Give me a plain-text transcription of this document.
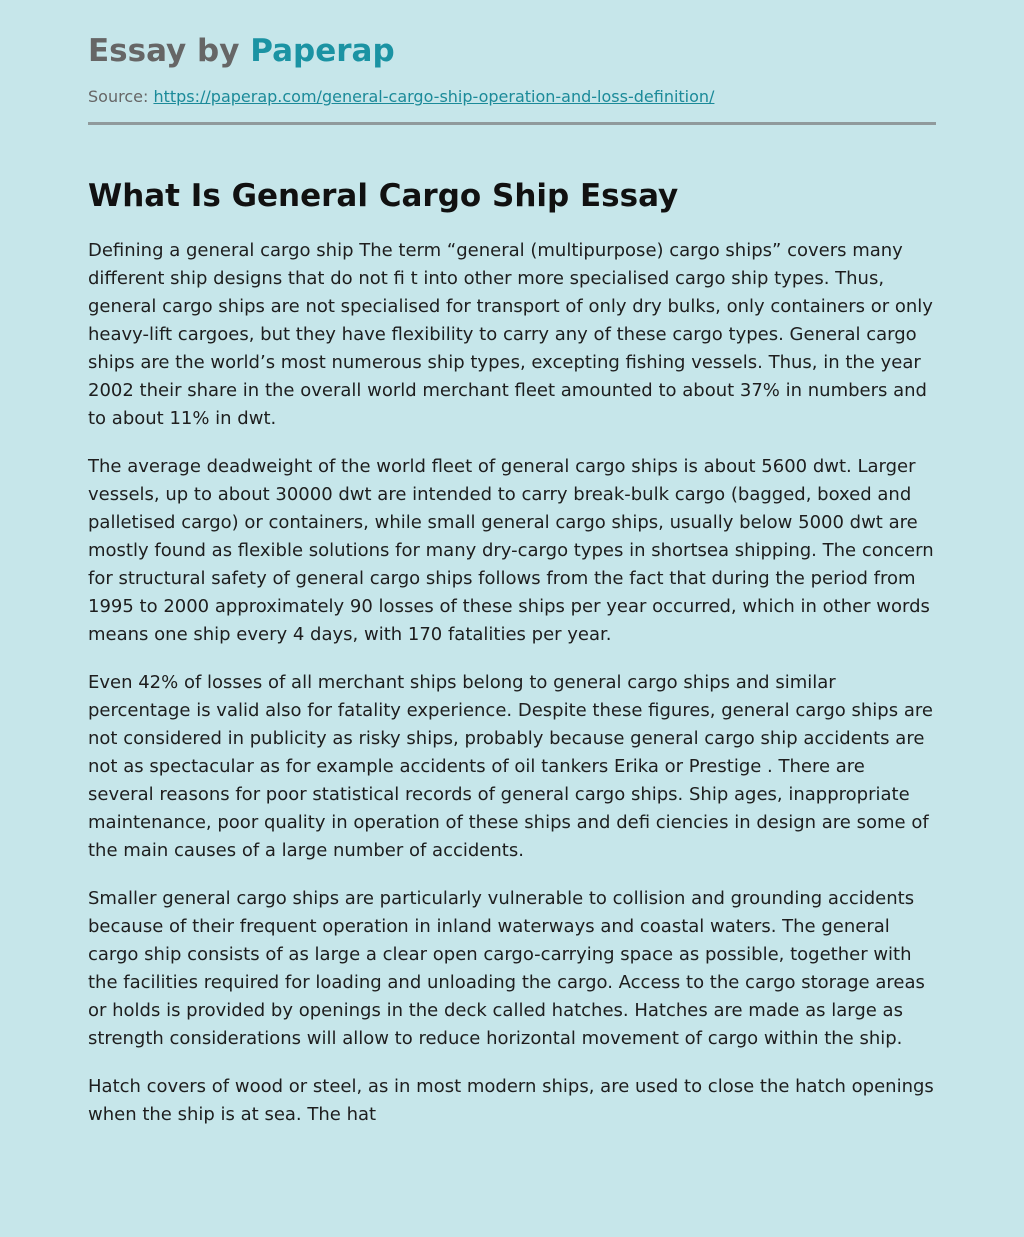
Essay by Paperap
Source: https://paperap.com/general-cargo-ship-operation-and-loss-definition/
What Is General Cargo Ship Essay

Defining a general cargo ship The term “general (multipurpose) cargo ships” covers many different ship designs that do not fi t into other more specialised cargo ship types. Thus, general cargo ships are not specialised for transport of only dry bulks, only containers or only heavy-lift cargoes, but they have flexibility to carry any of these cargo types. General cargo ships are the world’s most numerous ship types, excepting fishing vessels. Thus, in the year 2002 their share in the overall world merchant fleet amounted to about 37% in numbers and to about 11% in dwt.

The average deadweight of the world fleet of general cargo ships is about 5600 dwt. Larger vessels, up to about 30000 dwt are intended to carry break-bulk cargo (bagged, boxed and palletised cargo) or containers, while small general cargo ships, usually below 5000 dwt are mostly found as flexible solutions for many dry-cargo types in shortsea shipping. The concern for structural safety of general cargo ships follows from the fact that during the period from 1995 to 2000 approximately 90 losses of these ships per year occurred, which in other words means one ship every 4 days, with 170 fatalities per year.

Even 42% of losses of all merchant ships belong to general cargo ships and similar percentage is valid also for fatality experience. Despite these figures, general cargo ships are not considered in publicity as risky ships, probably because general cargo ship accidents are not as spectacular as for example accidents of oil tankers Erika or Prestige . There are several reasons for poor statistical records of general cargo ships. Ship ages, inappropriate maintenance, poor quality in operation of these ships and defi ciencies in design are some of the main causes of a large number of accidents.

Smaller general cargo ships are particularly vulnerable to collision and grounding accidents because of their frequent operation in inland waterways and coastal waters. The general cargo ship consists of as large a clear open cargo-carrying space as possible, together with the facilities required for loading and unloading the cargo. Access to the cargo storage areas or holds is provided by openings in the deck called hatches. Hatches are made as large as strength considerations will allow to reduce horizontal movement of cargo within the ship.

Hatch covers of wood or steel, as in most modern ships, are used to close the hatch openings when the ship is at sea. The hat
